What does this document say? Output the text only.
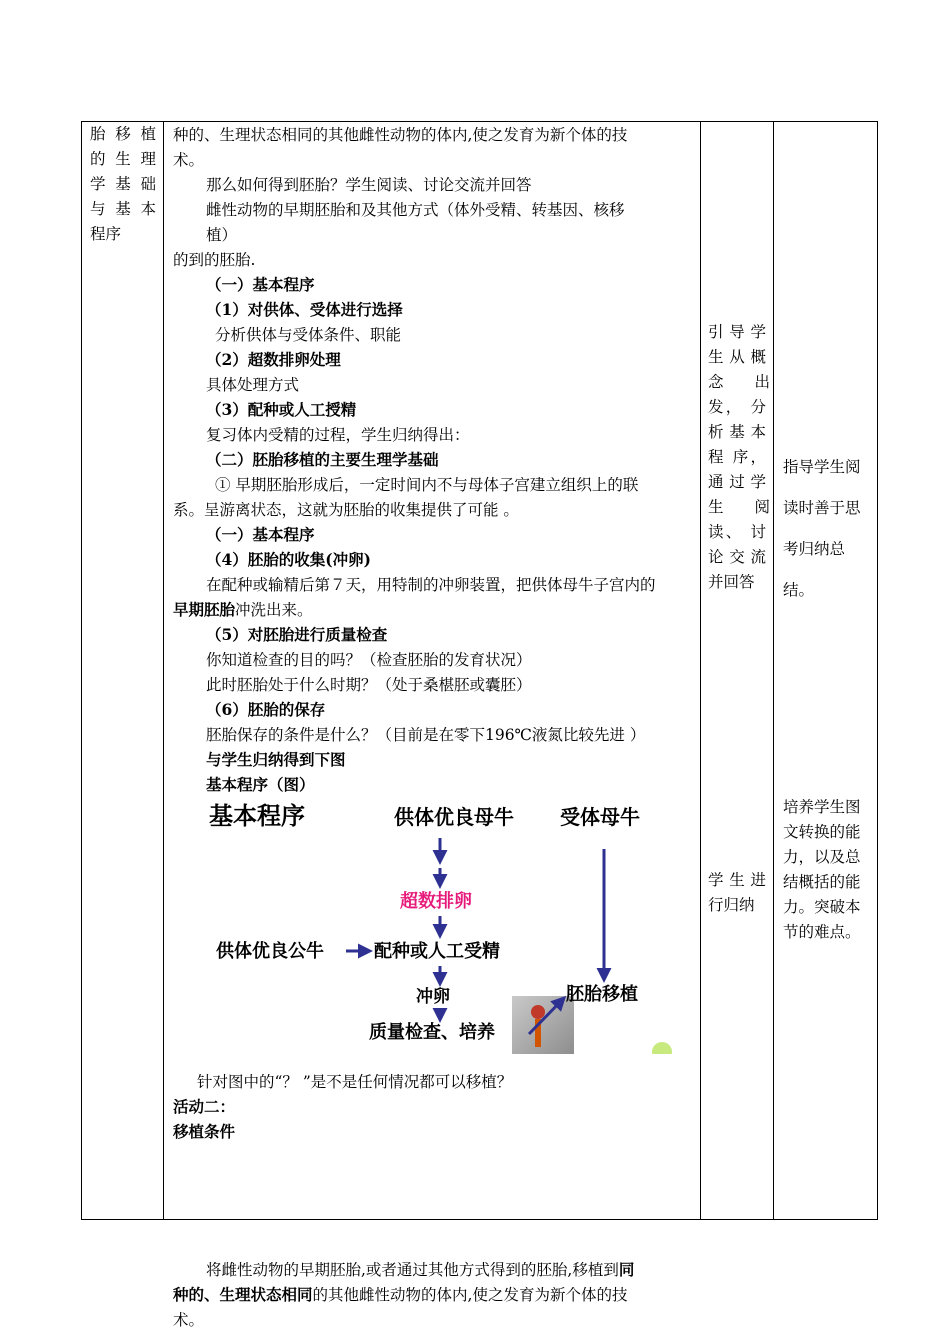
胎 移 植
的 生 理
学 基 础
与 基 本
程序

种的、生理状态相同的其他雌性动物的体内,使之发育为新个体的技
术。
那么如何得到胚胎？学生阅读、讨论交流并回答
雌性动物的早期胚胎和及其他方式（体外受精、转基因、核移
植）
的到的胚胎.
（一）基本程序
（1）对供体、受体进行选择
分析供体与受体条件、职能
（2）超数排卵处理
具体处理方式
（3）配种或人工授精
复习体内受精的过程，学生归纳得出：
（二）胚胎移植的主要生理学基础
① 早期胚胎形成后，一定时间内不与母体子宫建立组织上的联
系。呈游离状态，这就为胚胎的收集提供了可能 。
（一）基本程序
（4）胚胎的收集(冲卵)
在配种或输精后第７天，用特制的冲卵装置，把供体母牛子宫内的
早期胚胎冲洗出来。
（5）对胚胎进行质量检查
你知道检查的目的吗？（检查胚胎的发育状况）
此时胚胎处于什么时期？（处于桑椹胚或囊胚）
（6）胚胎的保存
胚胎保存的条件是什么？（目前是在零下196℃液氮比较先进 ）
与学生归纳得到下图
基本程序（图）
基本程序	供体优良母牛 受体母牛
超数排卵
供体优良公牛	配种或人工受精
冲卵
质量检查、培养
胚胎移植
针对图中的“？ ”是不是任何情况都可以移植？
活动二：
移植条件
将雌性动物的早期胚胎,或者通过其他方式得到的胚胎,移植到同
种的、生理状态相同的其他雌性动物的体内,使之发育为新个体的技
术。

引 导 学
生 从 概
念　　出
发， 分
析 基 本
程 序，
通 过 学
生　　阅
读、 讨
论 交 流
并回答
学 生 进
行归纳

指导学生阅
读时善于思
考归纳总
结。
培养学生图
文转换的能
力，以及总
结概括的能
力。突破本
节的难点。
